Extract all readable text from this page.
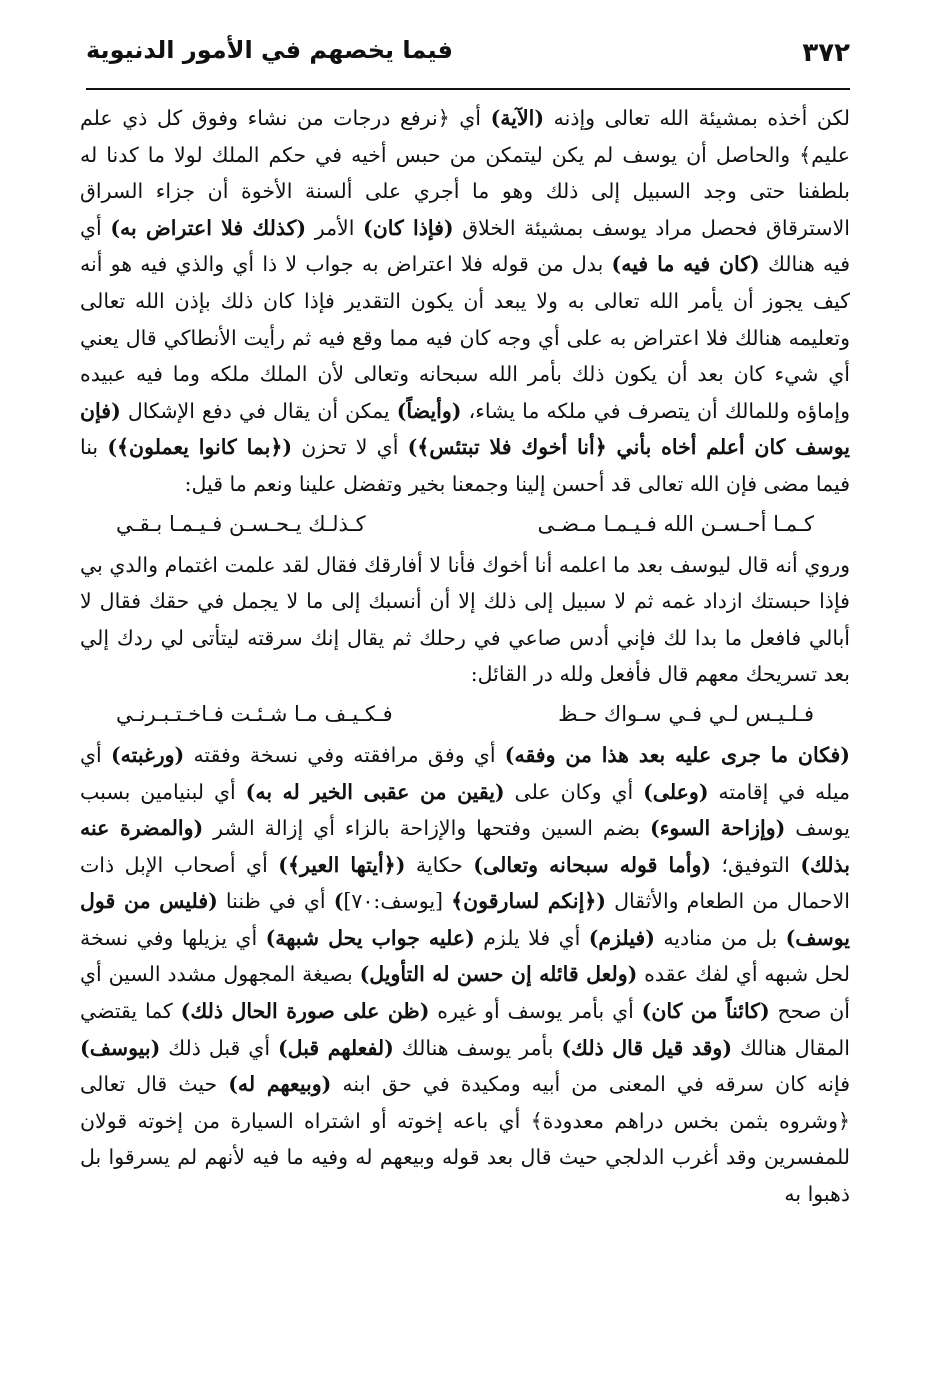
٣٧٢
فيما يخصهم في الأمور الدنيوية

لكن أخذه بمشيئة الله تعالى وإذنه (الآية) أي ﴿نرفع درجات من نشاء وفوق كل ذي علم عليم﴾ والحاصل أن يوسف لم يكن ليتمكن من حبس أخيه في حكم الملك لولا ما كدنا له بلطفنا حتى وجد السبيل إلى ذلك وهو ما أجري على ألسنة الأخوة أن جزاء السراق الاسترقاق فحصل مراد يوسف بمشيئة الخلاق (فإذا كان) الأمر (كذلك فلا اعتراض به) أي فيه هنالك (كان فيه ما فيه) بدل من قوله فلا اعتراض به جواب لا ذا أي والذي فيه هو أنه كيف يجوز أن يأمر الله تعالى به ولا يبعد أن يكون التقدير فإذا كان ذلك بإذن الله تعالى وتعليمه هنالك فلا اعتراض به على أي وجه كان فيه مما وقع فيه ثم رأيت الأنطاكي قال يعني أي شيء كان بعد أن يكون ذلك بأمر الله سبحانه وتعالى لأن الملك ملكه وما فيه عبيده وإماؤه وللمالك أن يتصرف في ملكه ما يشاء، (وأيضاً) يمكن أن يقال في دفع الإشكال (فإن يوسف كان أعلم أخاه بأني ﴿أنا أخوك فلا تبتئس﴾) أي لا تحزن (﴿بما كانوا يعملون﴾) بنا فيما مضى فإن الله تعالى قد أحسن إلينا وجمعنا بخير وتفضل علينا ونعم ما قيل:

كـمـا أحـسـن الله فـيـمـا مـضـى
كـذلـك يـحـسـن فـيـمـا بـقـي

وروي أنه قال ليوسف بعد ما اعلمه أنا أخوك فأنا لا أفارقك فقال لقد علمت اغتمام والدي بي فإذا حبستك ازداد غمه ثم لا سبيل إلى ذلك إلا أن أنسبك إلى ما لا يجمل في حقك فقال لا أبالي فافعل ما بدا لك فإني أدس صاعي في رحلك ثم يقال إنك سرقته ليتأتى لي ردك إلي بعد تسريحك معهم قال فأفعل ولله در القائل:

فـلـيـس لـي فـي سـواك حـظ
فـكـيـف مـا شـئـت فـاخـتـبـرنـي

(فكان ما جرى عليه بعد هذا من وفقه) أي وفق مرافقته وفي نسخة وفقته (ورغبته) أي ميله في إقامته (وعلى) أي وكان على (يقين من عقبى الخير له به) أي لبنيامين بسبب يوسف (وإزاحة السوء) بضم السين وفتحها والإزاحة بالزاء أي إزالة الشر (والمضرة عنه بذلك) التوفيق؛ (وأما قوله سبحانه وتعالى) حكاية (﴿أيتها العير﴾) أي أصحاب الإبل ذات الاحمال من الطعام والأثقال (﴿إنكم لسارقون﴾ [يوسف:٧٠]) أي في ظننا (فليس من قول يوسف) بل من مناديه (فيلزم) أي فلا يلزم (عليه جواب يحل شبهة) أي يزيلها وفي نسخة لحل شبهه أي لفك عقده (ولعل قائله إن حسن له التأويل) بصيغة المجهول مشدد السين أي أن صحح (كائناً من كان) أي بأمر يوسف أو غيره (ظن على صورة الحال ذلك) كما يقتضي المقال هنالك (وقد قيل قال ذلك) بأمر يوسف هنالك (لفعلهم قبل) أي قبل ذلك (بيوسف) فإنه كان سرقه في المعنى من أبيه ومكيدة في حق ابنه (وبيعهم له) حيث قال تعالى ﴿وشروه بثمن بخس دراهم معدودة﴾ أي باعه إخوته أو اشتراه السيارة من إخوته قولان للمفسرين وقد أغرب الدلجي حيث قال بعد قوله وبيعهم له وفيه ما فيه لأنهم لم يسرقوا بل ذهبوا به
